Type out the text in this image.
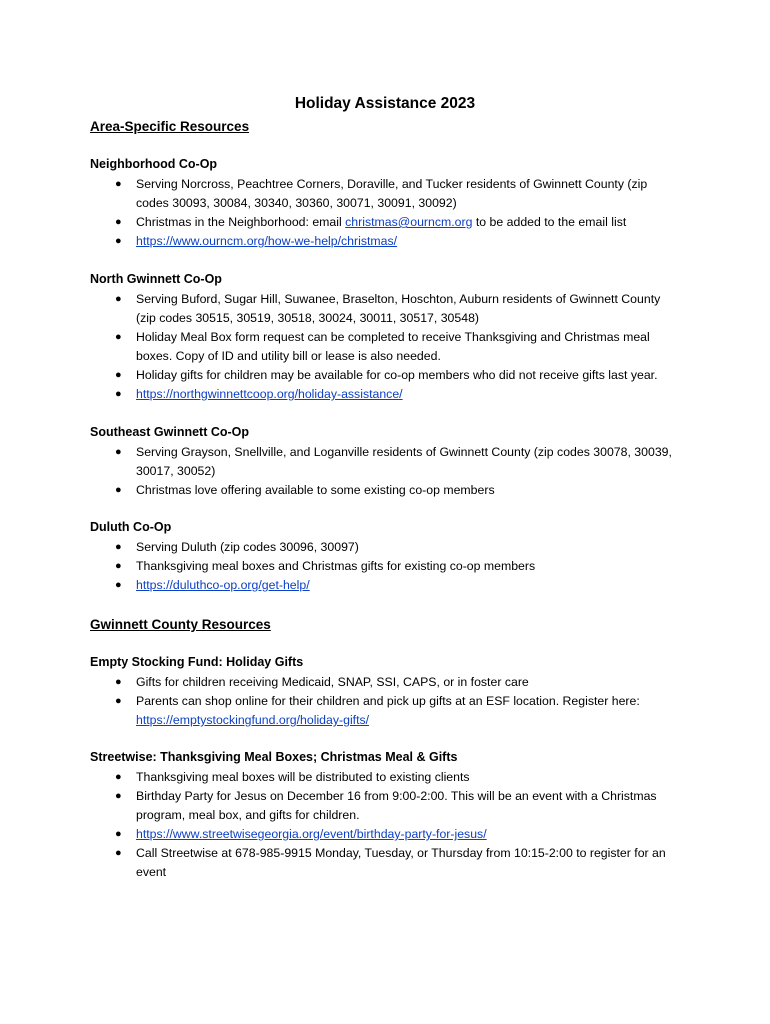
Holiday Assistance 2023
Area-Specific Resources
Neighborhood Co-Op
● Serving Norcross, Peachtree Corners, Doraville, and Tucker residents of Gwinnett County (zip codes 30093, 30084, 30340, 30360, 30071, 30091, 30092)
● Christmas in the Neighborhood: email christmas@ourncm.org to be added to the email list
● https://www.ourncm.org/how-we-help/christmas/
North Gwinnett Co-Op
● Serving Buford, Sugar Hill, Suwanee, Braselton, Hoschton, Auburn residents of Gwinnett County (zip codes 30515, 30519, 30518, 30024, 30011, 30517, 30548)
● Holiday Meal Box form request can be completed to receive Thanksgiving and Christmas meal boxes. Copy of ID and utility bill or lease is also needed.
● Holiday gifts for children may be available for co-op members who did not receive gifts last year.
● https://northgwinnettcoop.org/holiday-assistance/
Southeast Gwinnett Co-Op
● Serving Grayson, Snellville, and Loganville residents of Gwinnett County (zip codes 30078, 30039, 30017, 30052)
● Christmas love offering available to some existing co-op members
Duluth Co-Op
● Serving Duluth (zip codes 30096, 30097)
● Thanksgiving meal boxes and Christmas gifts for existing co-op members
● https://duluthco-op.org/get-help/
Gwinnett County Resources
Empty Stocking Fund: Holiday Gifts
● Gifts for children receiving Medicaid, SNAP, SSI, CAPS, or in foster care
● Parents can shop online for their children and pick up gifts at an ESF location. Register here: https://emptystockingfund.org/holiday-gifts/
Streetwise: Thanksgiving Meal Boxes; Christmas Meal & Gifts
● Thanksgiving meal boxes will be distributed to existing clients
● Birthday Party for Jesus on December 16 from 9:00-2:00. This will be an event with a Christmas program, meal box, and gifts for children.
● https://www.streetwisegeorgia.org/event/birthday-party-for-jesus/
● Call Streetwise at 678-985-9915 Monday, Tuesday, or Thursday from 10:15-2:00 to register for an event
